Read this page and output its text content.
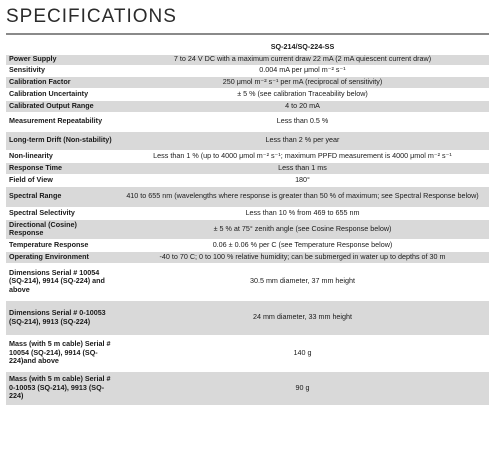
SPECIFICATIONS
	SQ-214/SQ-224-SS
Power Supply	7 to 24 V DC with a maximum current draw 22 mA (2 mA quiescent current draw)
Sensitivity	0.004 mA per μmol m⁻² s⁻¹
Calibration Factor	250 μmol m⁻² s⁻¹ per mA (reciprocal of sensitivity)
Calibration Uncertainty	± 5 % (see calibration Traceability below)
Calibrated Output Range	4 to 20 mA
Measurement Repeatability	Less than 0.5 %
Long-term Drift (Non-stability)	Less than 2 % per year
Non-linearity	Less than 1 % (up to 4000 μmol m⁻² s⁻¹; maximum PPFD measurement is 4000 μmol m⁻² s⁻¹
Response Time	Less than 1 ms
Field of View	180°
Spectral Range	410 to 655 nm (wavelengths where response is greater than 50 % of maximum; see Spectral Response below)
Spectral Selectivity	Less than 10 % from 469 to 655 nm
Directional (Cosine) Response	± 5 % at 75° zenith angle (see Cosine Response below)
Temperature Response	0.06 ± 0.06 % per C (see Temperature Response below)
Operating Environment	-40 to 70 C; 0 to 100 % relative humidity; can be submerged in water up to depths of 30 m
Dimensions Serial # 10054 (SQ-214), 9914 (SQ-224) and above	30.5 mm diameter, 37 mm height
Dimensions Serial # 0-10053 (SQ-214), 9913 (SQ-224)	24 mm diameter, 33 mm height
Mass (with 5 m cable) Serial # 10054 (SQ-214), 9914 (SQ-224)and above	140 g
Mass (with 5 m cable) Serial # 0-10053 (SQ-214), 9913 (SQ-224)	90 g
